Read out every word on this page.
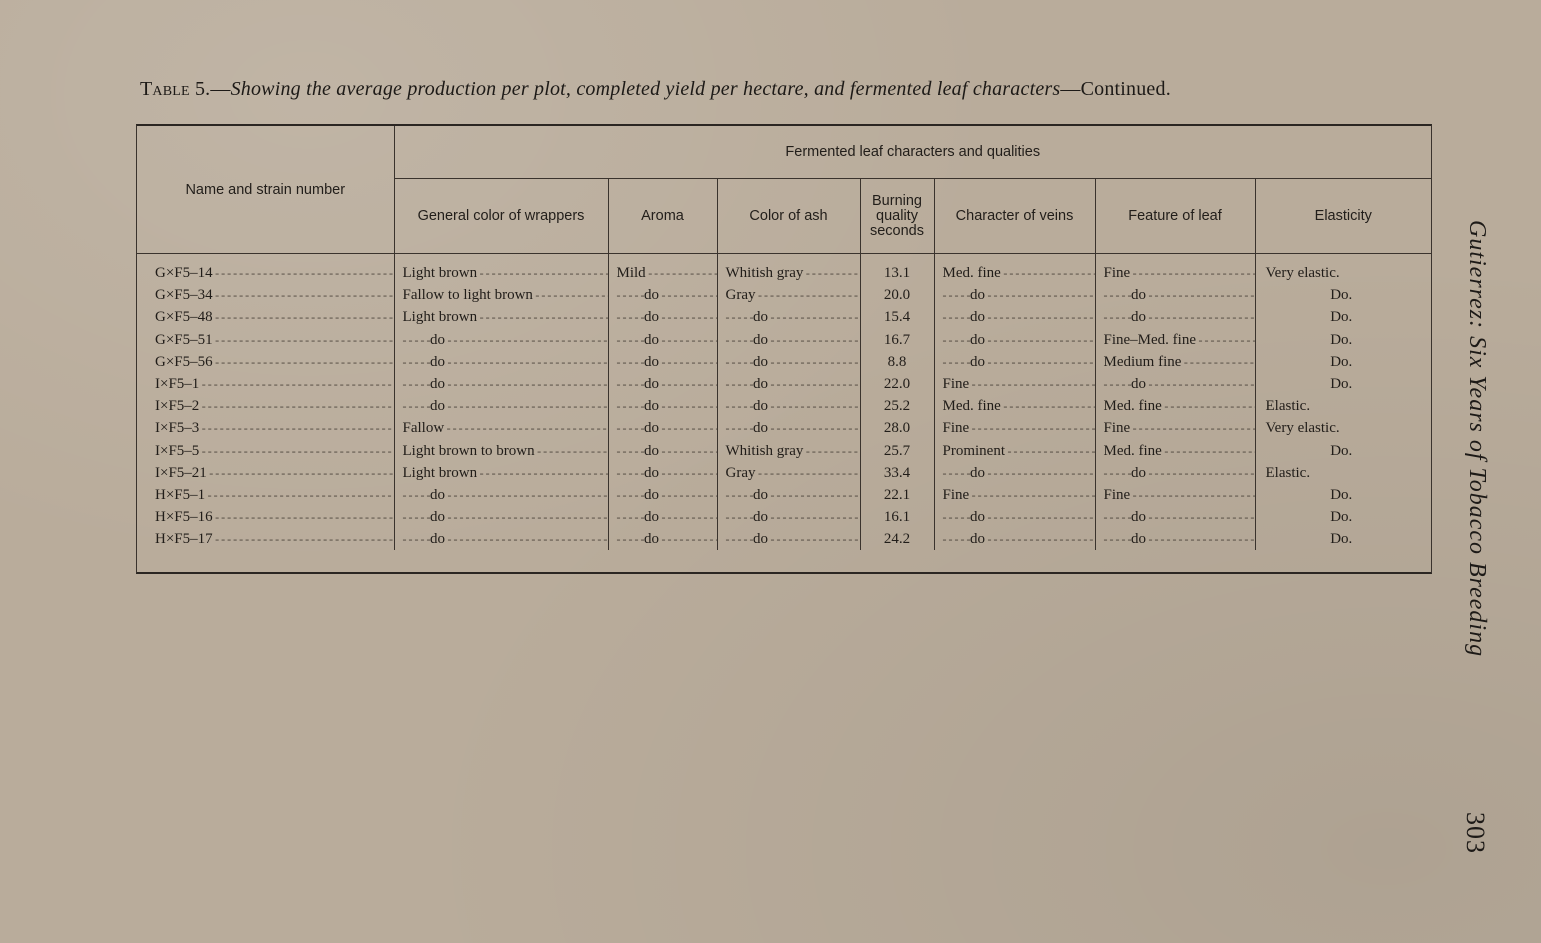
Table 5.—Showing the average production per plot, completed yield per hectare, and fermented leaf characters—Continued.
Name and strain number	Fermented leaf characters and qualities						
	General color of wrappers	Aroma	Color of ash	Burning
quality
seconds	Character of veins	Feature of leaf	Elasticity
G×F5–14 - - -	Light brown - - -	Mild - - -	Whitish gray - - -	13.1	Med. fine - - -	Fine - - -	Very elastic.
G×F5–34 - - -	Fallow to light brown - - -	- - - do - - -	Gray - - -	20.0	- - - do - - -	- - - do - - -	Do.
G×F5–48 - - -	Light brown - - -	- - - do - - -	- - - do - - -	15.4	- - - do - - -	- - - do - - -	Do.
G×F5–51 - - -	- - - do - - -	- - - do - - -	- - - do - - -	16.7	- - - do - - -	Fine–Med. fine - - -	Do.
G×F5–56 - - -	- - - do - - -	- - - do - - -	- - - do - - -	8.8	- - - do - - -	Medium fine - - -	Do.
I×F5–1 - - -	- - - do - - -	- - - do - - -	- - - do - - -	22.0	Fine - - -	- - - do - - -	Do.
I×F5–2 - - -	- - - do - - -	- - - do - - -	- - - do - - -	25.2	Med. fine - - -	Med. fine - - -	Elastic.
I×F5–3 - - -	Fallow - - -	- - - do - - -	- - - do - - -	28.0	Fine - - -	Fine - - -	Very elastic.
I×F5–5 - - -	Light brown to brown - - -	- - - do - - -	Whitish gray - - -	25.7	Prominent - - -	Med. fine - - -	Do.
I×F5–21 - - -	Light brown - - -	- - - do - - -	Gray - - -	33.4	- - - do - - -	- - - do - - -	Elastic.
H×F5–1 - - -	- - - do - - -	- - - do - - -	- - - do - - -	22.1	Fine - - -	Fine - - -	Do.
H×F5–16 - - -	- - - do - - -	- - - do - - -	- - - do - - -	16.1	- - - do - - -	- - - do - - -	Do.
H×F5–17 - - -	- - - do - - -	- - - do - - -	- - - do - - -	24.2	- - - do - - -	- - - do - - -	Do.	Gutierrez: Six Years of Tobacco Breeding
303
